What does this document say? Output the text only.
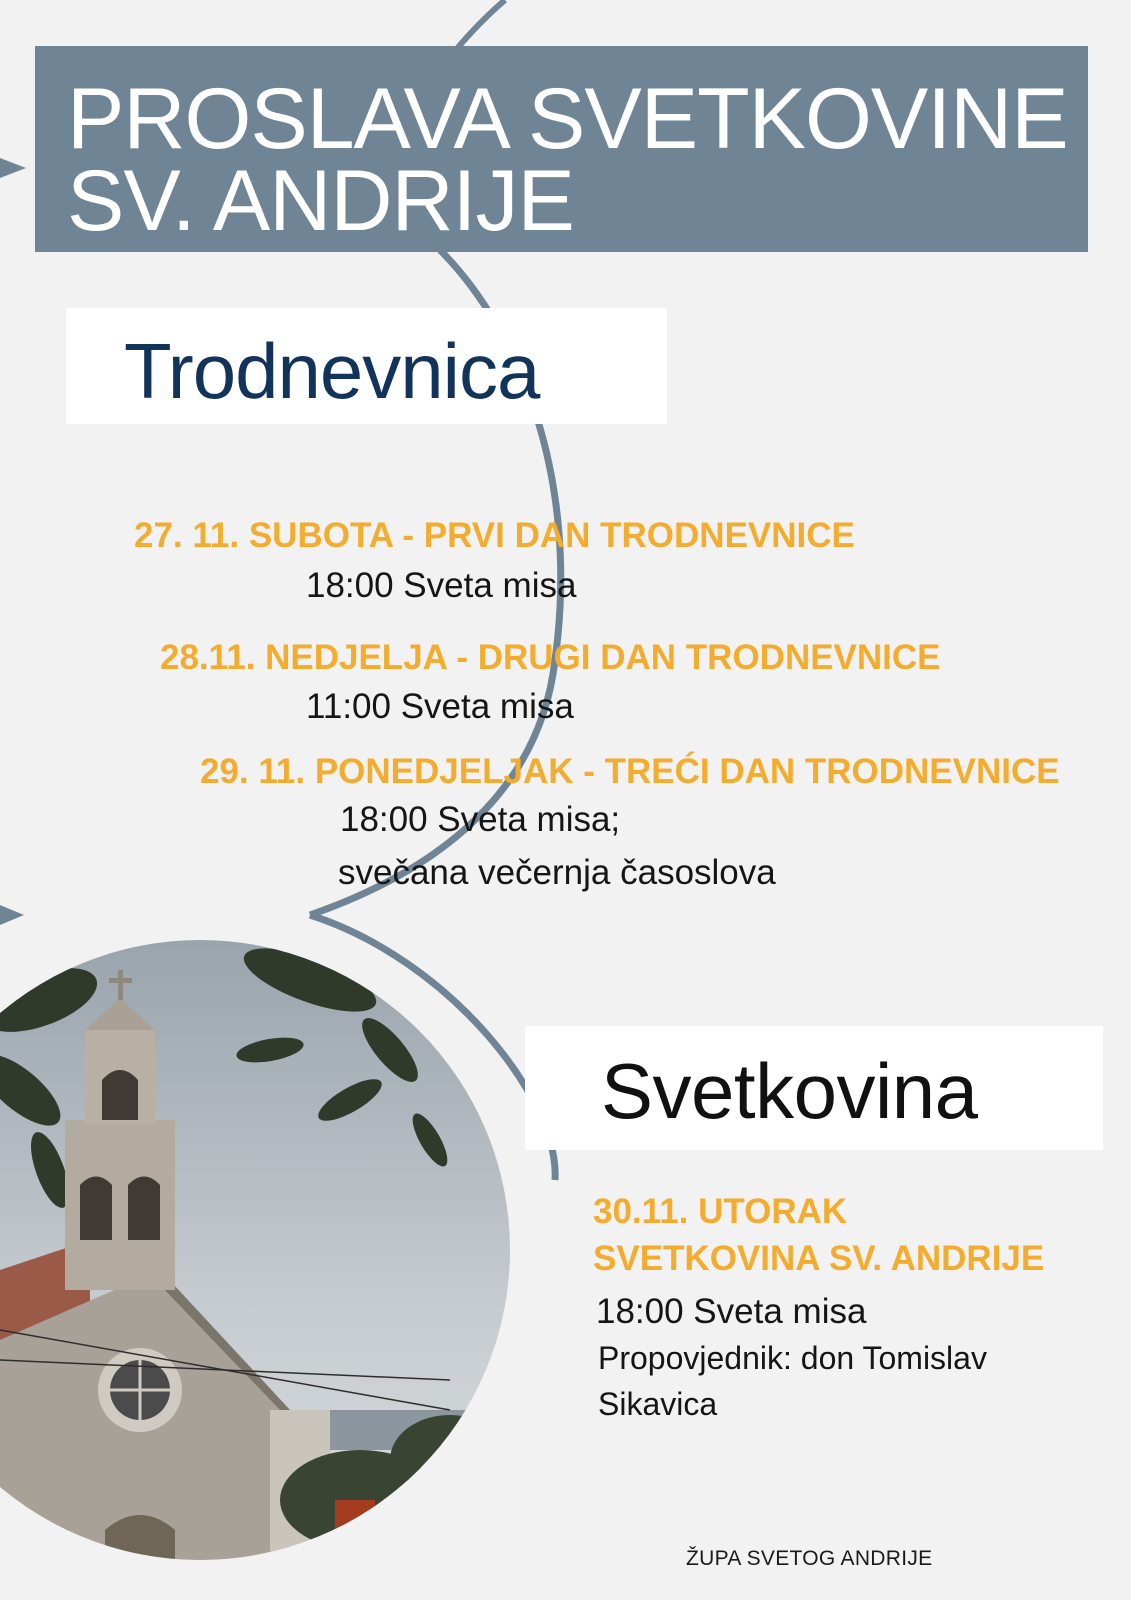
PROSLAVA SVETKOVINE
SV. ANDRIJE
Trodnevnica
27. 11. SUBOTA - PRVI DAN TRODNEVNICE
18:00 Sveta misa
28.11. NEDJELJA - DRUGI DAN TRODNEVNICE
11:00 Sveta misa
29. 11. PONEDJELJAK - TREĆI DAN TRODNEVNICE
18:00 Sveta misa;
svečana večernja časoslova
Svetkovina
30.11. UTORAK
SVETKOVINA SV. ANDRIJE
18:00 Sveta misa
Propovjednik: don Tomislav
Sikavica
ŽUPA SVETOG ANDRIJE
